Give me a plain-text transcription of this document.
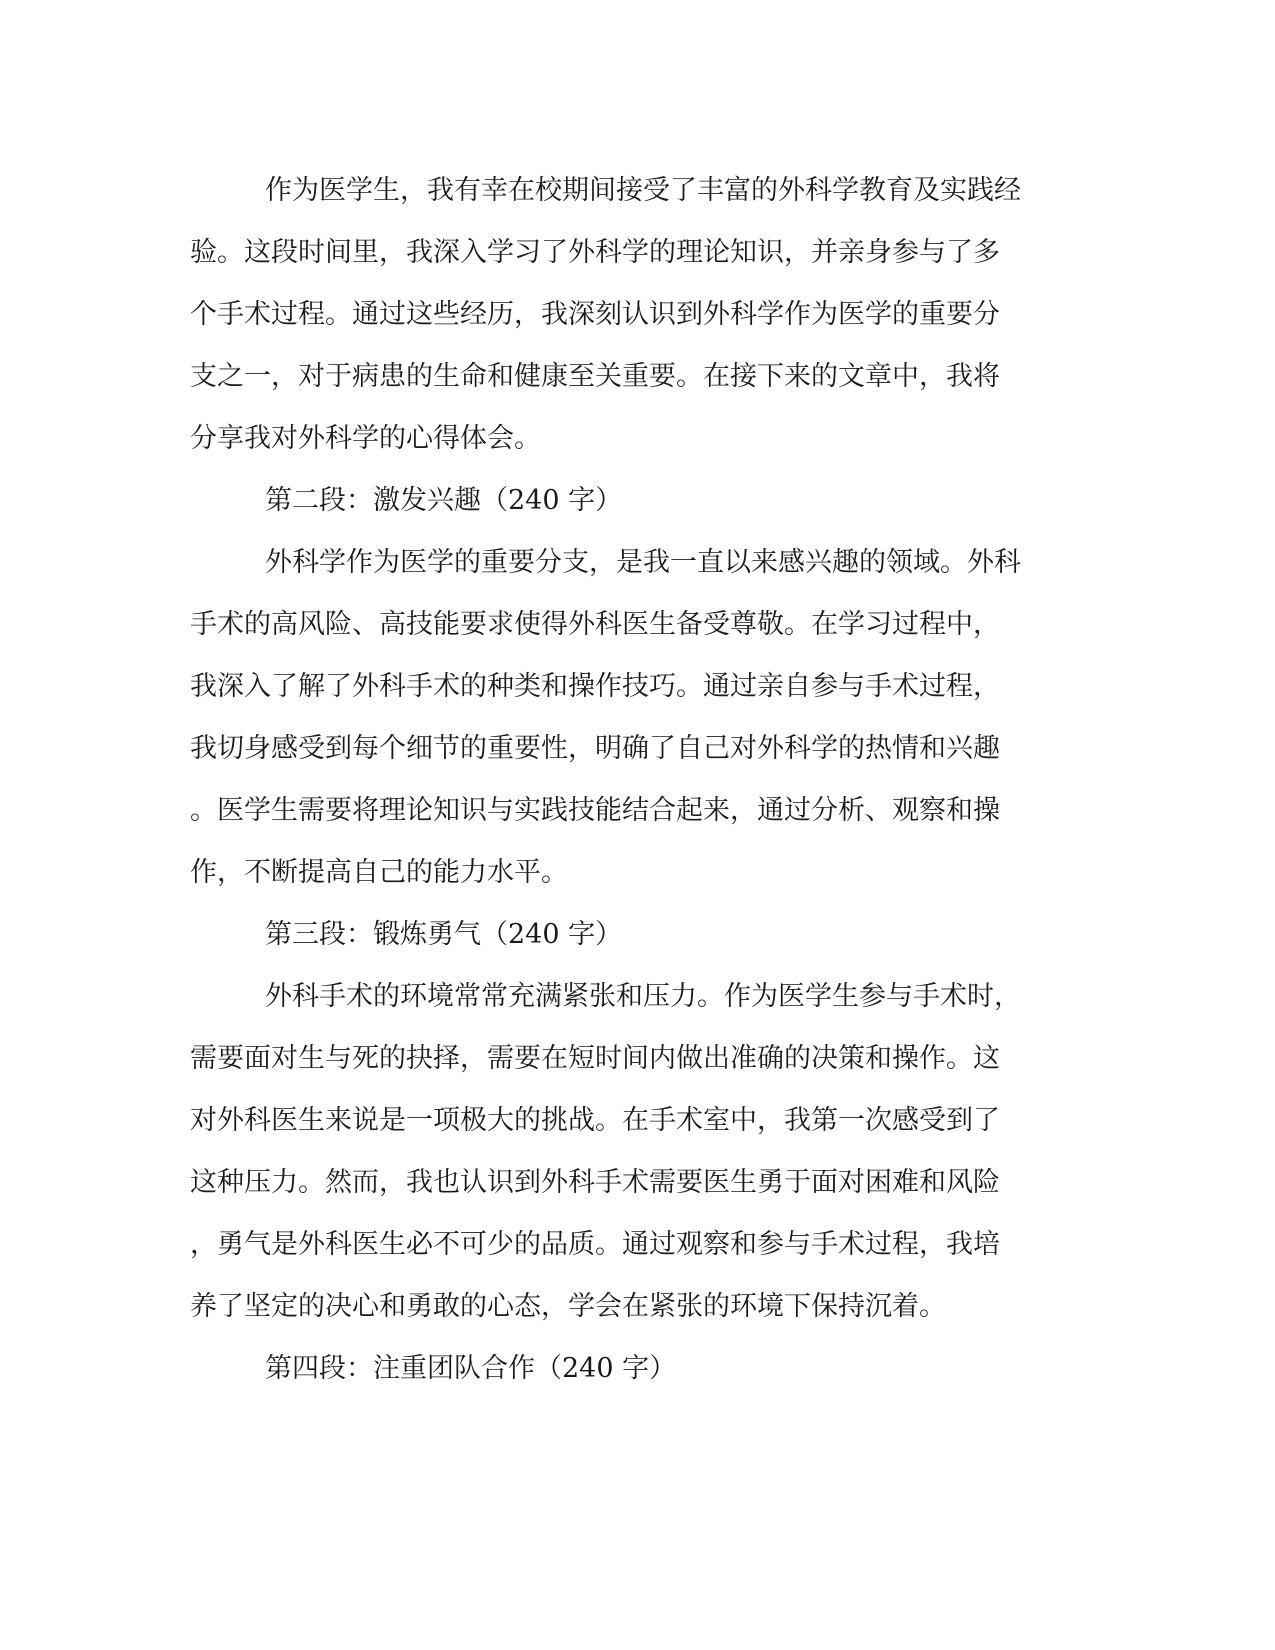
作为医学生，我有幸在校期间接受了丰富的外科学教育及实践经
验。这段时间里，我深入学习了外科学的理论知识，并亲身参与了多
个手术过程。通过这些经历，我深刻认识到外科学作为医学的重要分
支之一，对于病患的生命和健康至关重要。在接下来的文章中，我将
分享我对外科学的心得体会。
第二段：激发兴趣（240 字）
外科学作为医学的重要分支，是我一直以来感兴趣的领域。外科
手术的高风险、高技能要求使得外科医生备受尊敬。在学习过程中，
我深入了解了外科手术的种类和操作技巧。通过亲自参与手术过程，
我切身感受到每个细节的重要性，明确了自己对外科学的热情和兴趣
。医学生需要将理论知识与实践技能结合起来，通过分析、观察和操
作，不断提高自己的能力水平。
第三段：锻炼勇气（240 字）
外科手术的环境常常充满紧张和压力。作为医学生参与手术时，
需要面对生与死的抉择，需要在短时间内做出准确的决策和操作。这
对外科医生来说是一项极大的挑战。在手术室中，我第一次感受到了
这种压力。然而，我也认识到外科手术需要医生勇于面对困难和风险
，勇气是外科医生必不可少的品质。通过观察和参与手术过程，我培
养了坚定的决心和勇敢的心态，学会在紧张的环境下保持沉着。
第四段：注重团队合作（240 字）
